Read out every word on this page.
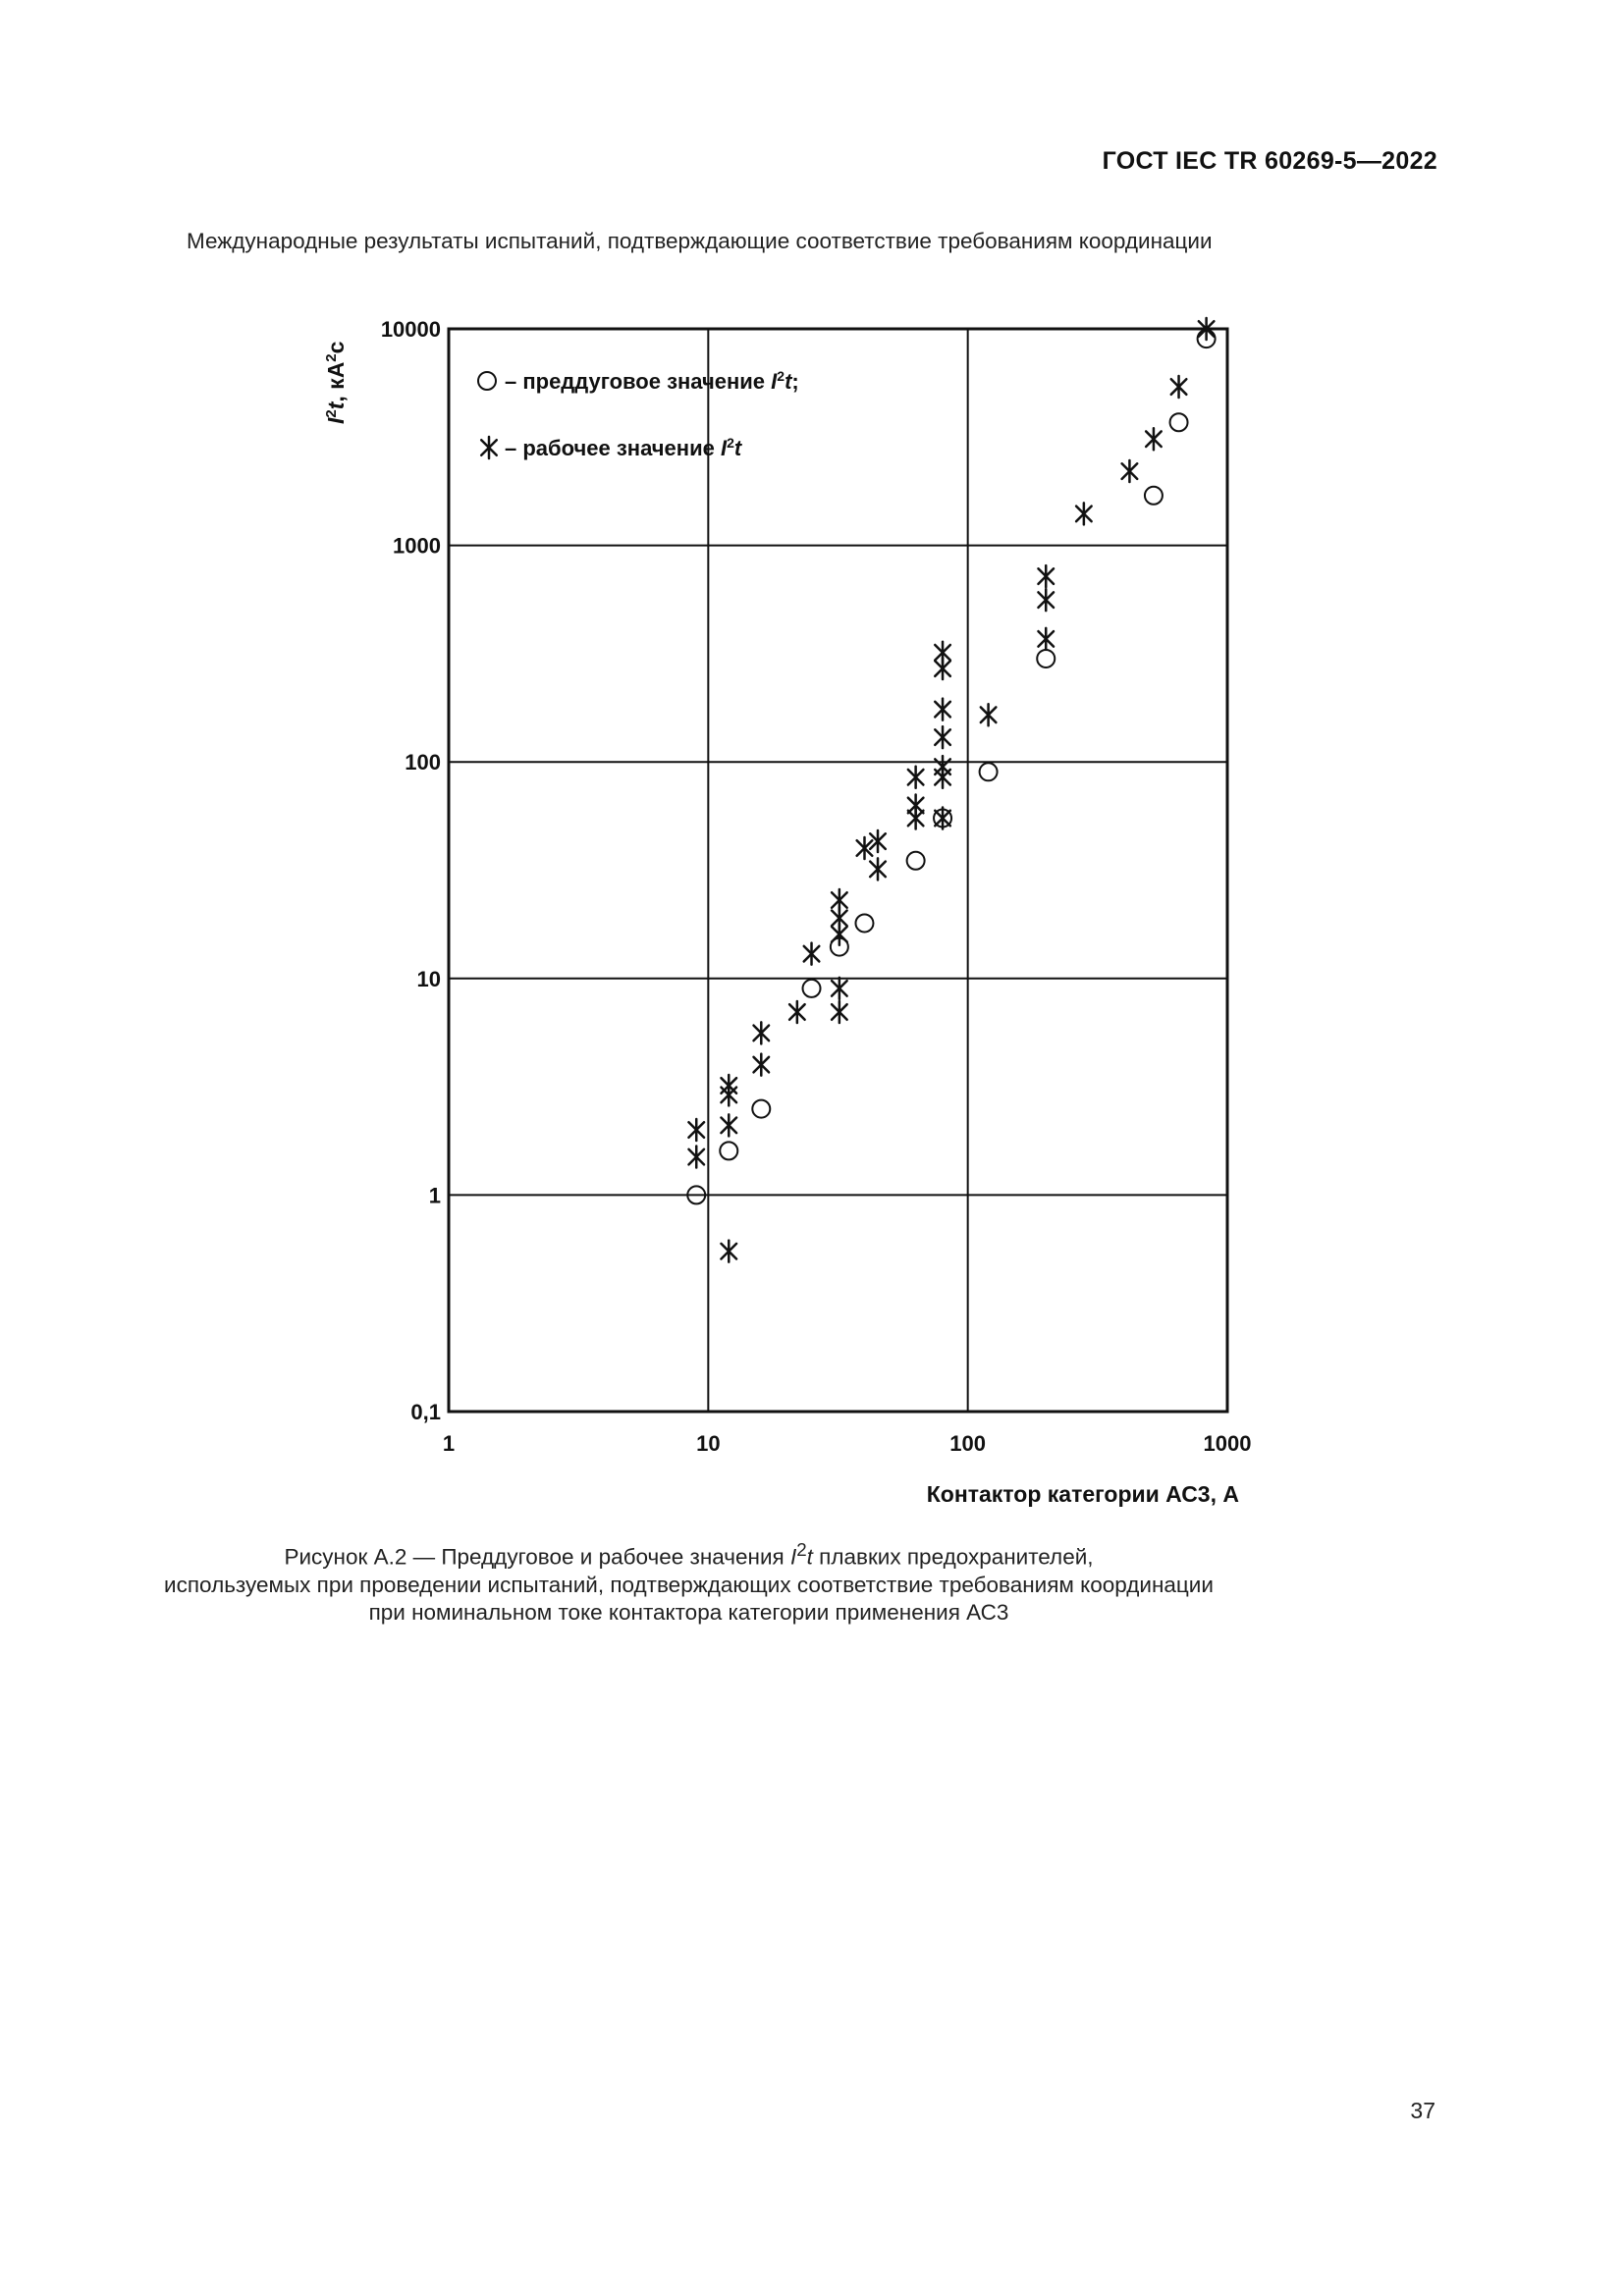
ГОСТ IEC TR 60269-5—2022
Международные результаты испытаний, подтверждающие соответствие требованиям координации
1	10	100	1000
0,1
1
10
100
1000
10000
$I^2t$, $кА^2с$
Контактор категории АС3, А
– преддуговое значение $I^2t$;
– рабочее значение $I^2t$
Рисунок А.2 — Преддуговое и рабочее значения $I^2t$ плавких предохранителей,
используемых при проведении испытаний, подтверждающих соответствие требованиям координации
при номинальном токе контактора категории применения АС3
37
